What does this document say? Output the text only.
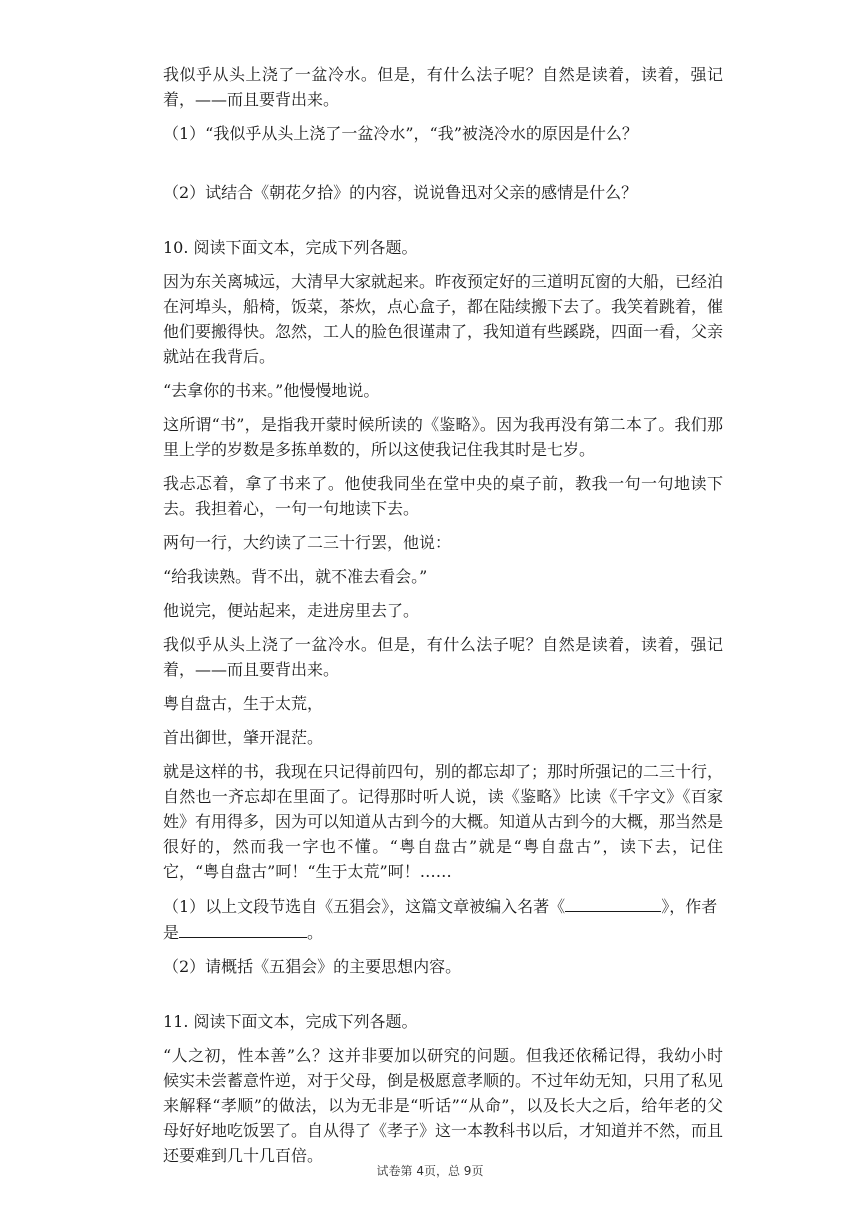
我似乎从头上浇了一盆冷水。但是，有什么法子呢？自然是读着，读着，强记着，——而且要背出来。

（1）“我似乎从头上浇了一盆冷水”，“我”被浇冷水的原因是什么？

（2）试结合《朝花夕拾》的内容，说说鲁迅对父亲的感情是什么？

10. 阅读下面文本，完成下列各题。

因为东关离城远，大清早大家就起来。昨夜预定好的三道明瓦窗的大船，已经泊在河埠头，船椅，饭菜，茶炊，点心盒子，都在陆续搬下去了。我笑着跳着，催他们要搬得快。忽然，工人的脸色很谨肃了，我知道有些蹊跷，四面一看，父亲就站在我背后。

“去拿你的书来。”他慢慢地说。

这所谓“书”，是指我开蒙时候所读的《鉴略》。因为我再没有第二本了。我们那里上学的岁数是多拣单数的，所以这使我记住我其时是七岁。

我忐忑着，拿了书来了。他使我同坐在堂中央的桌子前，教我一句一句地读下去。我担着心，一句一句地读下去。

两句一行，大约读了二三十行罢，他说：

“给我读熟。背不出，就不准去看会。”

他说完，便站起来，走进房里去了。

我似乎从头上浇了一盆冷水。但是，有什么法子呢？自然是读着，读着，强记着，——而且要背出来。

粤自盘古，生于太荒，

首出御世，肇开混茫。

就是这样的书，我现在只记得前四句，别的都忘却了；那时所强记的二三十行，自然也一齐忘却在里面了。记得那时听人说，读《鉴略》比读《千字文》《百家姓》有用得多，因为可以知道从古到今的大概。知道从古到今的大概，那当然是很好的，然而我一字也不懂。“粤自盘古”就是“粤自盘古”，读下去，记住它，“粤自盘古”呵！“生于太荒”呵！……

（1）以上文段节选自《五猖会》，这篇文章被编入名著《	》，作者是	。

（2）请概括《五猖会》的主要思想内容。

11. 阅读下面文本，完成下列各题。

“人之初，性本善”么？这并非要加以研究的问题。但我还依稀记得，我幼小时候实未尝蓄意忤逆，对于父母，倒是极愿意孝顺的。不过年幼无知，只用了私见来解释“孝顺”的做法，以为无非是“听话”“从命”，以及长大之后，给年老的父母好好地吃饭罢了。自从得了《孝子》这一本教科书以后，才知道并不然，而且还要难到几十几百倍。

试卷第 4页，总 9页
